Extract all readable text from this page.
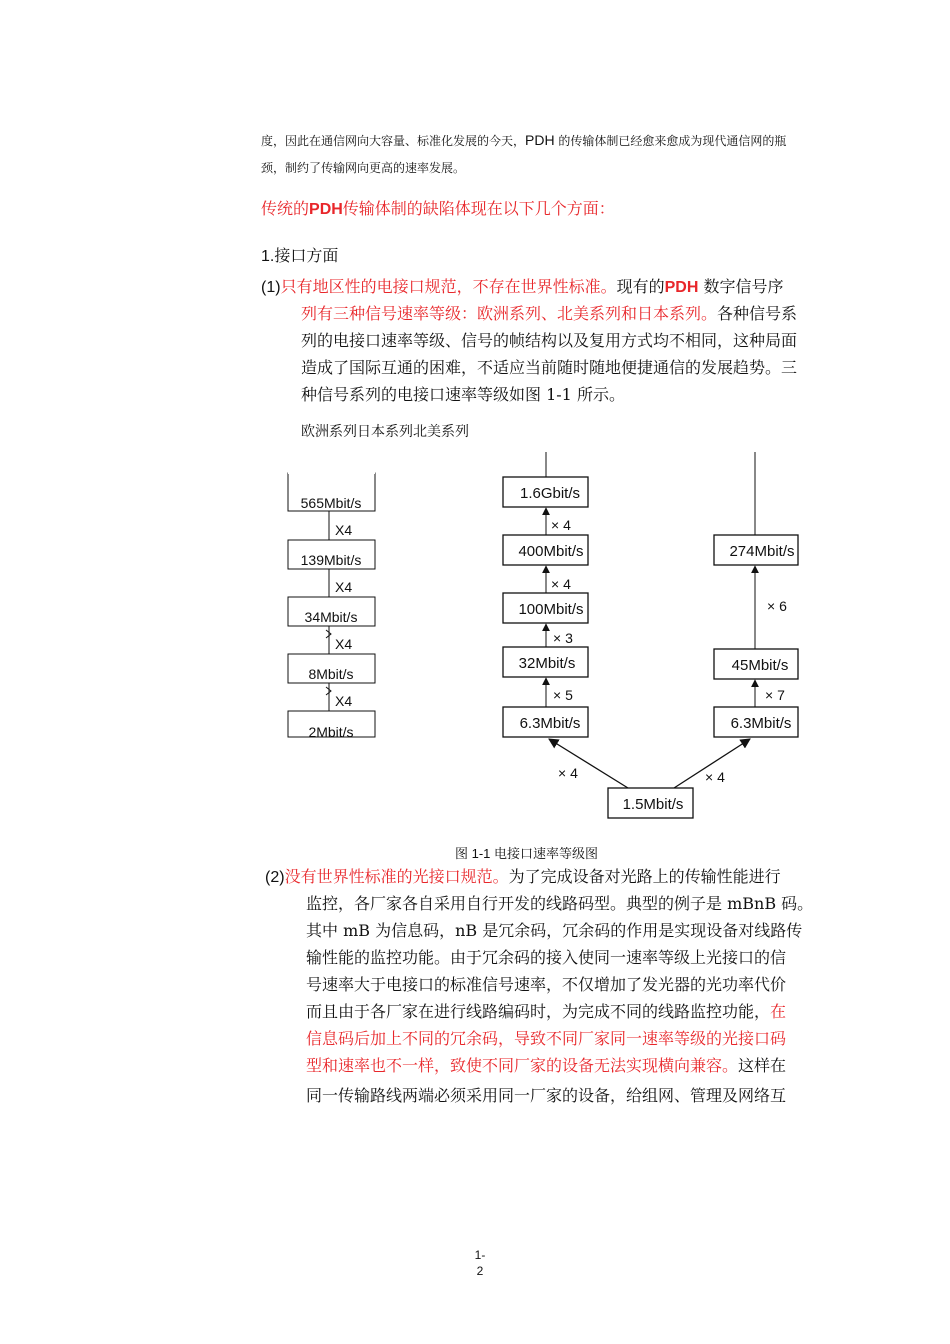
度，因此在通信网向大容量、标准化发展的今天，PDH 的传输体制已经愈来愈成为现代通信网的瓶
颈，制约了传输网向更高的速率发展。
传统的PDH传输体制的缺陷体现在以下几个方面：
1.接口方面
(1)只有地区性的电接口规范，不存在世界性标准。现有的PDH 数字信号序
列有三种信号速率等级：欧洲系列、北美系列和日本系列。各种信号系
列的电接口速率等级、信号的帧结构以及复用方式均不相同，这种局面
造成了国际互通的困难，不适应当前随时随地便捷通信的发展趋势。三
种信号系列的电接口速率等级如图 1-1 所示。
欧洲系列日本系列北美系列
565Mbit/s
139Mbit/s
34Mbit/s
8Mbit/s
2Mbit/s
X4
X4
X4
X4
1.6Gbit/s
400Mbit/s
100Mbit/s
32Mbit/s
6.3Mbit/s
× 4
× 4
× 3
× 5
274Mbit/s
45Mbit/s
6.3Mbit/s
× 6
× 7
1.5Mbit/s
× 4	× 4
图 1-1 电接口速率等级图
(2)没有世界性标准的光接口规范。为了完成设备对光路上的传输性能进行
监控，各厂家各自采用自行开发的线路码型。典型的例子是 mBnB 码。
其中 mB 为信息码，nB 是冗余码，冗余码的作用是实现设备对线路传
输性能的监控功能。由于冗余码的接入使同一速率等级上光接口的信
号速率大于电接口的标准信号速率，不仅增加了发光器的光功率代价
而且由于各厂家在进行线路编码时，为完成不同的线路监控功能，在
信息码后加上不同的冗余码，导致不同厂家同一速率等级的光接口码
型和速率也不一样，致使不同厂家的设备无法实现横向兼容。这样在
同一传输路线两端必须采用同一厂家的设备，给组网、管理及网络互
1-
2
